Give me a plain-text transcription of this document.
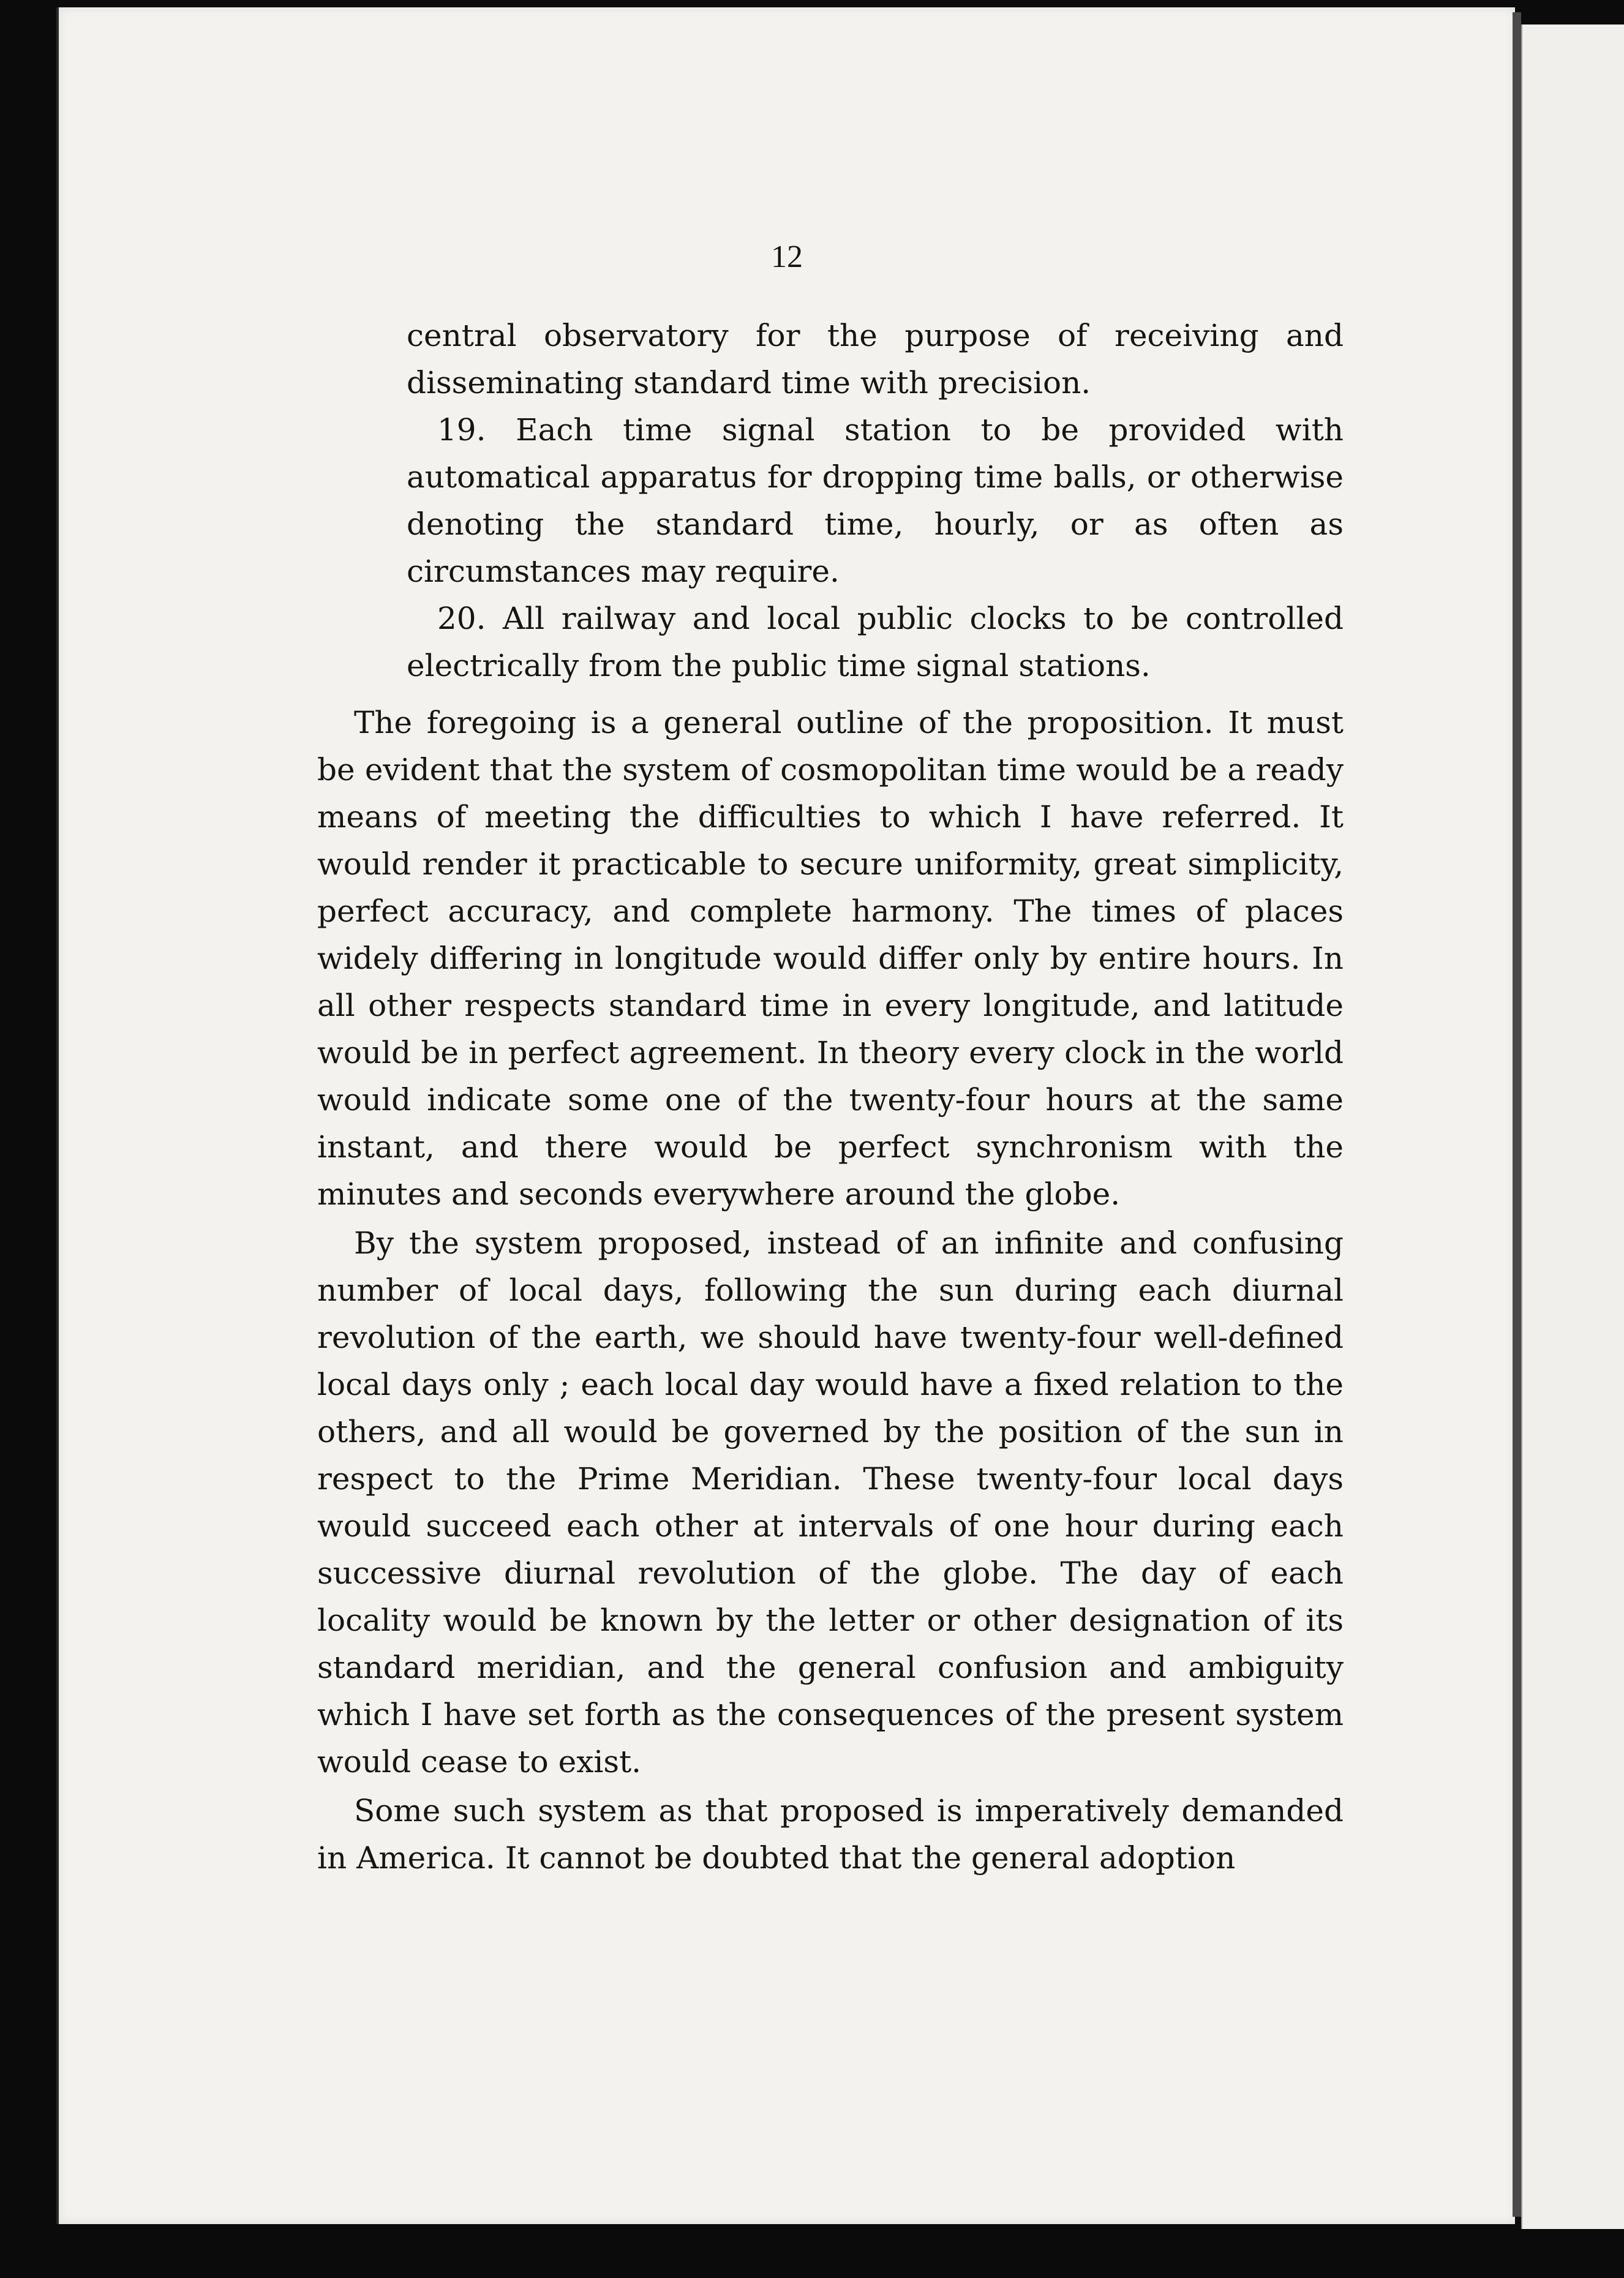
12

central observatory for the purpose of receiving and disseminating standard time with precision.

19. Each time signal station to be provided with automatical apparatus for dropping time balls, or otherwise denoting the standard time, hourly, or as often as circumstances may require.

20. All railway and local public clocks to be controlled electrically from the public time signal stations.

The foregoing is a general outline of the proposition. It must be evident that the system of cosmopolitan time would be a ready means of meeting the difficulties to which I have referred. It would render it practicable to secure uniformity, great simplicity, perfect accuracy, and complete harmony. The times of places widely differing in longitude would differ only by entire hours. In all other respects standard time in every longitude, and latitude would be in perfect agreement. In theory every clock in the world would indicate some one of the twenty-four hours at the same instant, and there would be perfect synchronism with the minutes and seconds everywhere around the globe.

By the system proposed, instead of an infinite and confusing number of local days, following the sun during each diurnal revolution of the earth, we should have twenty-four well-defined local days only ; each local day would have a fixed relation to the others, and all would be governed by the position of the sun in respect to the Prime Meridian. These twenty-four local days would succeed each other at intervals of one hour during each successive diurnal revolution of the globe. The day of each locality would be known by the letter or other designation of its standard meridian, and the general confusion and ambiguity which I have set forth as the consequences of the present system would cease to exist.

Some such system as that proposed is imperatively demanded in America. It cannot be doubted that the general adoption
